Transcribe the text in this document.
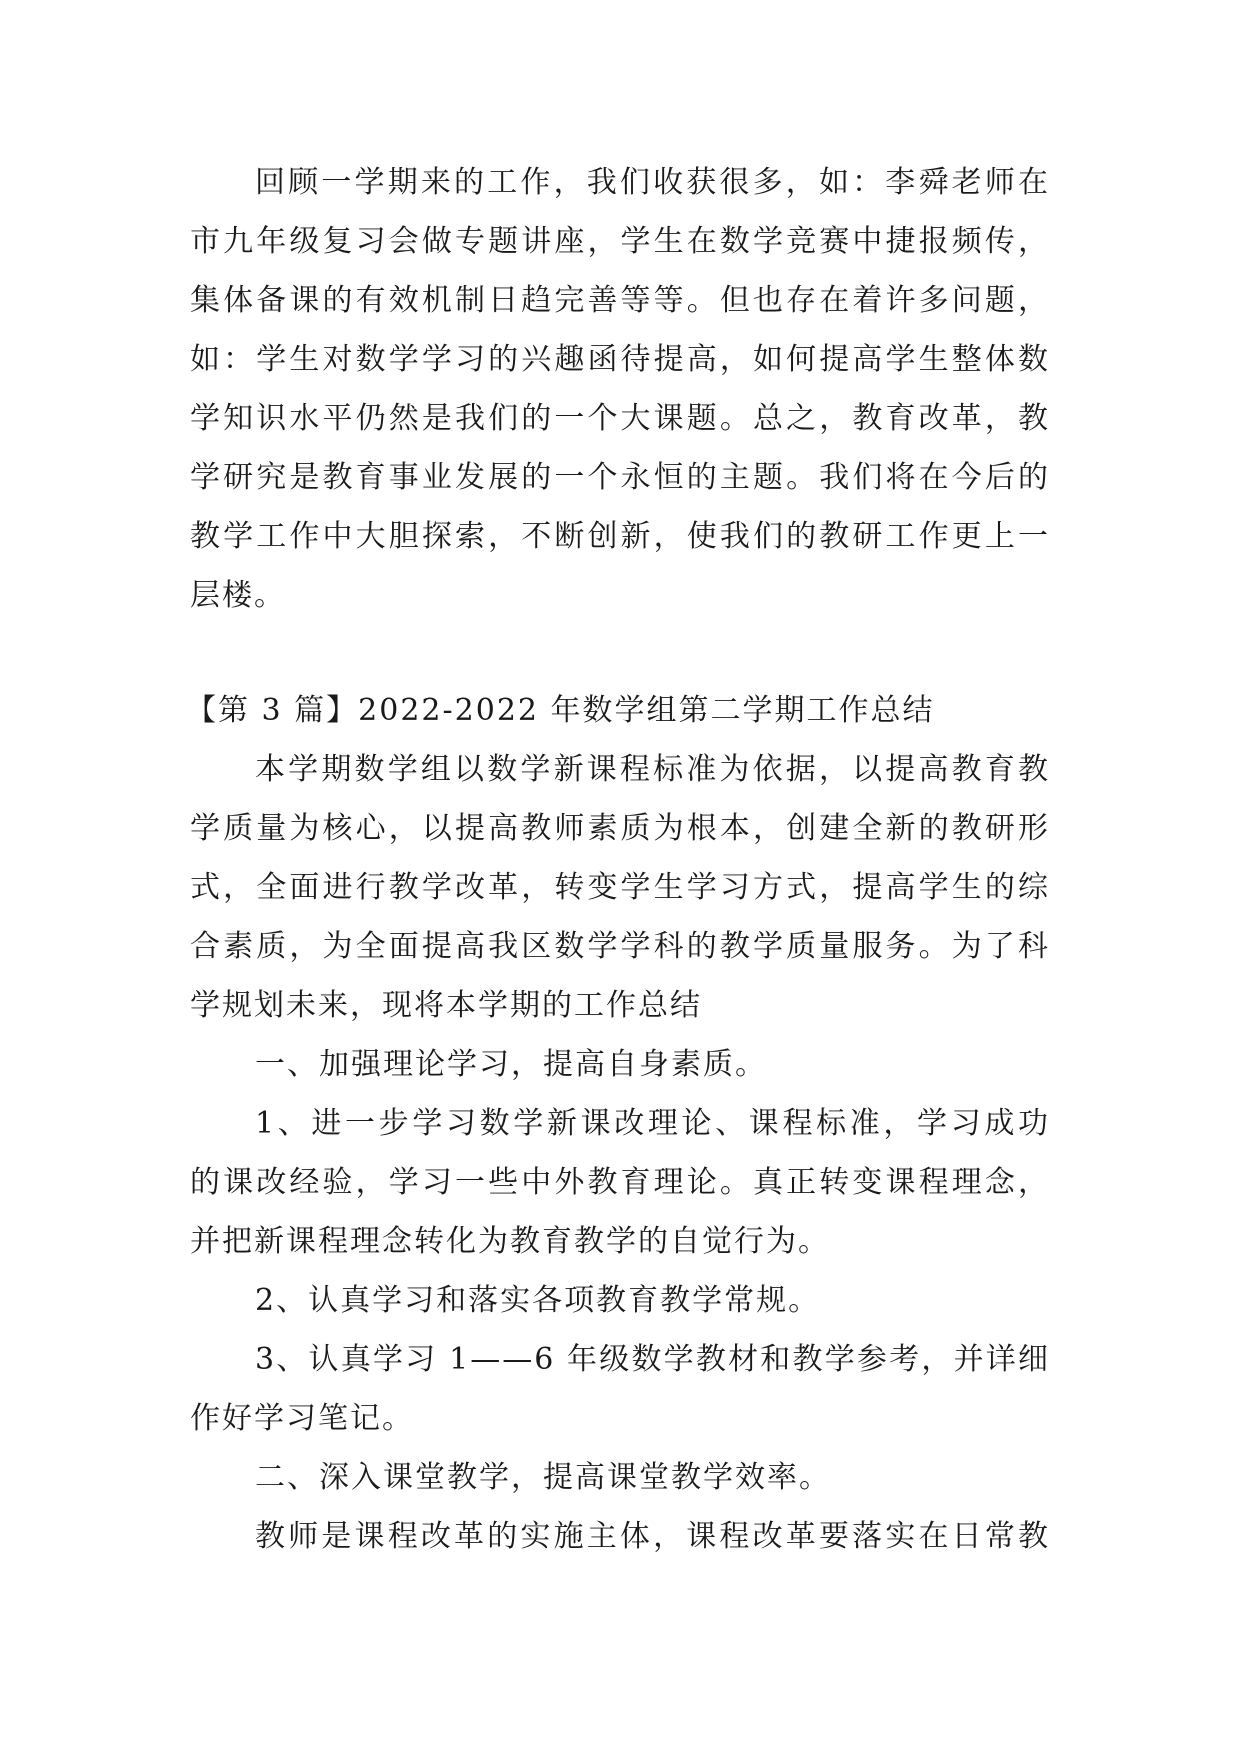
回顾一学期来的工作，我们收获很多，如：李舜老师在
市九年级复习会做专题讲座，学生在数学竞赛中捷报频传，
集体备课的有效机制日趋完善等等。但也存在着许多问题，
如：学生对数学学习的兴趣函待提高，如何提高学生整体数
学知识水平仍然是我们的一个大课题。总之，教育改革，教
学研究是教育事业发展的一个永恒的主题。我们将在今后的
教学工作中大胆探索，不断创新，使我们的教研工作更上一
层楼。
【第 3 篇】2022-2022 年数学组第二学期工作总结
本学期数学组以数学新课程标准为依据，以提高教育教
学质量为核心，以提高教师素质为根本，创建全新的教研形
式，全面进行教学改革，转变学生学习方式，提高学生的综
合素质，为全面提高我区数学学科的教学质量服务。为了科
学规划未来，现将本学期的工作总结
一、加强理论学习，提高自身素质。
1、进一步学习数学新课改理论、课程标准，学习成功
的课改经验，学习一些中外教育理论。真正转变课程理念，
并把新课程理念转化为教育教学的自觉行为。
2、认真学习和落实各项教育教学常规。
3、认真学习 1——6 年级数学教材和教学参考，并详细
作好学习笔记。
二、深入课堂教学，提高课堂教学效率。
教师是课程改革的实施主体，课程改革要落实在日常教
